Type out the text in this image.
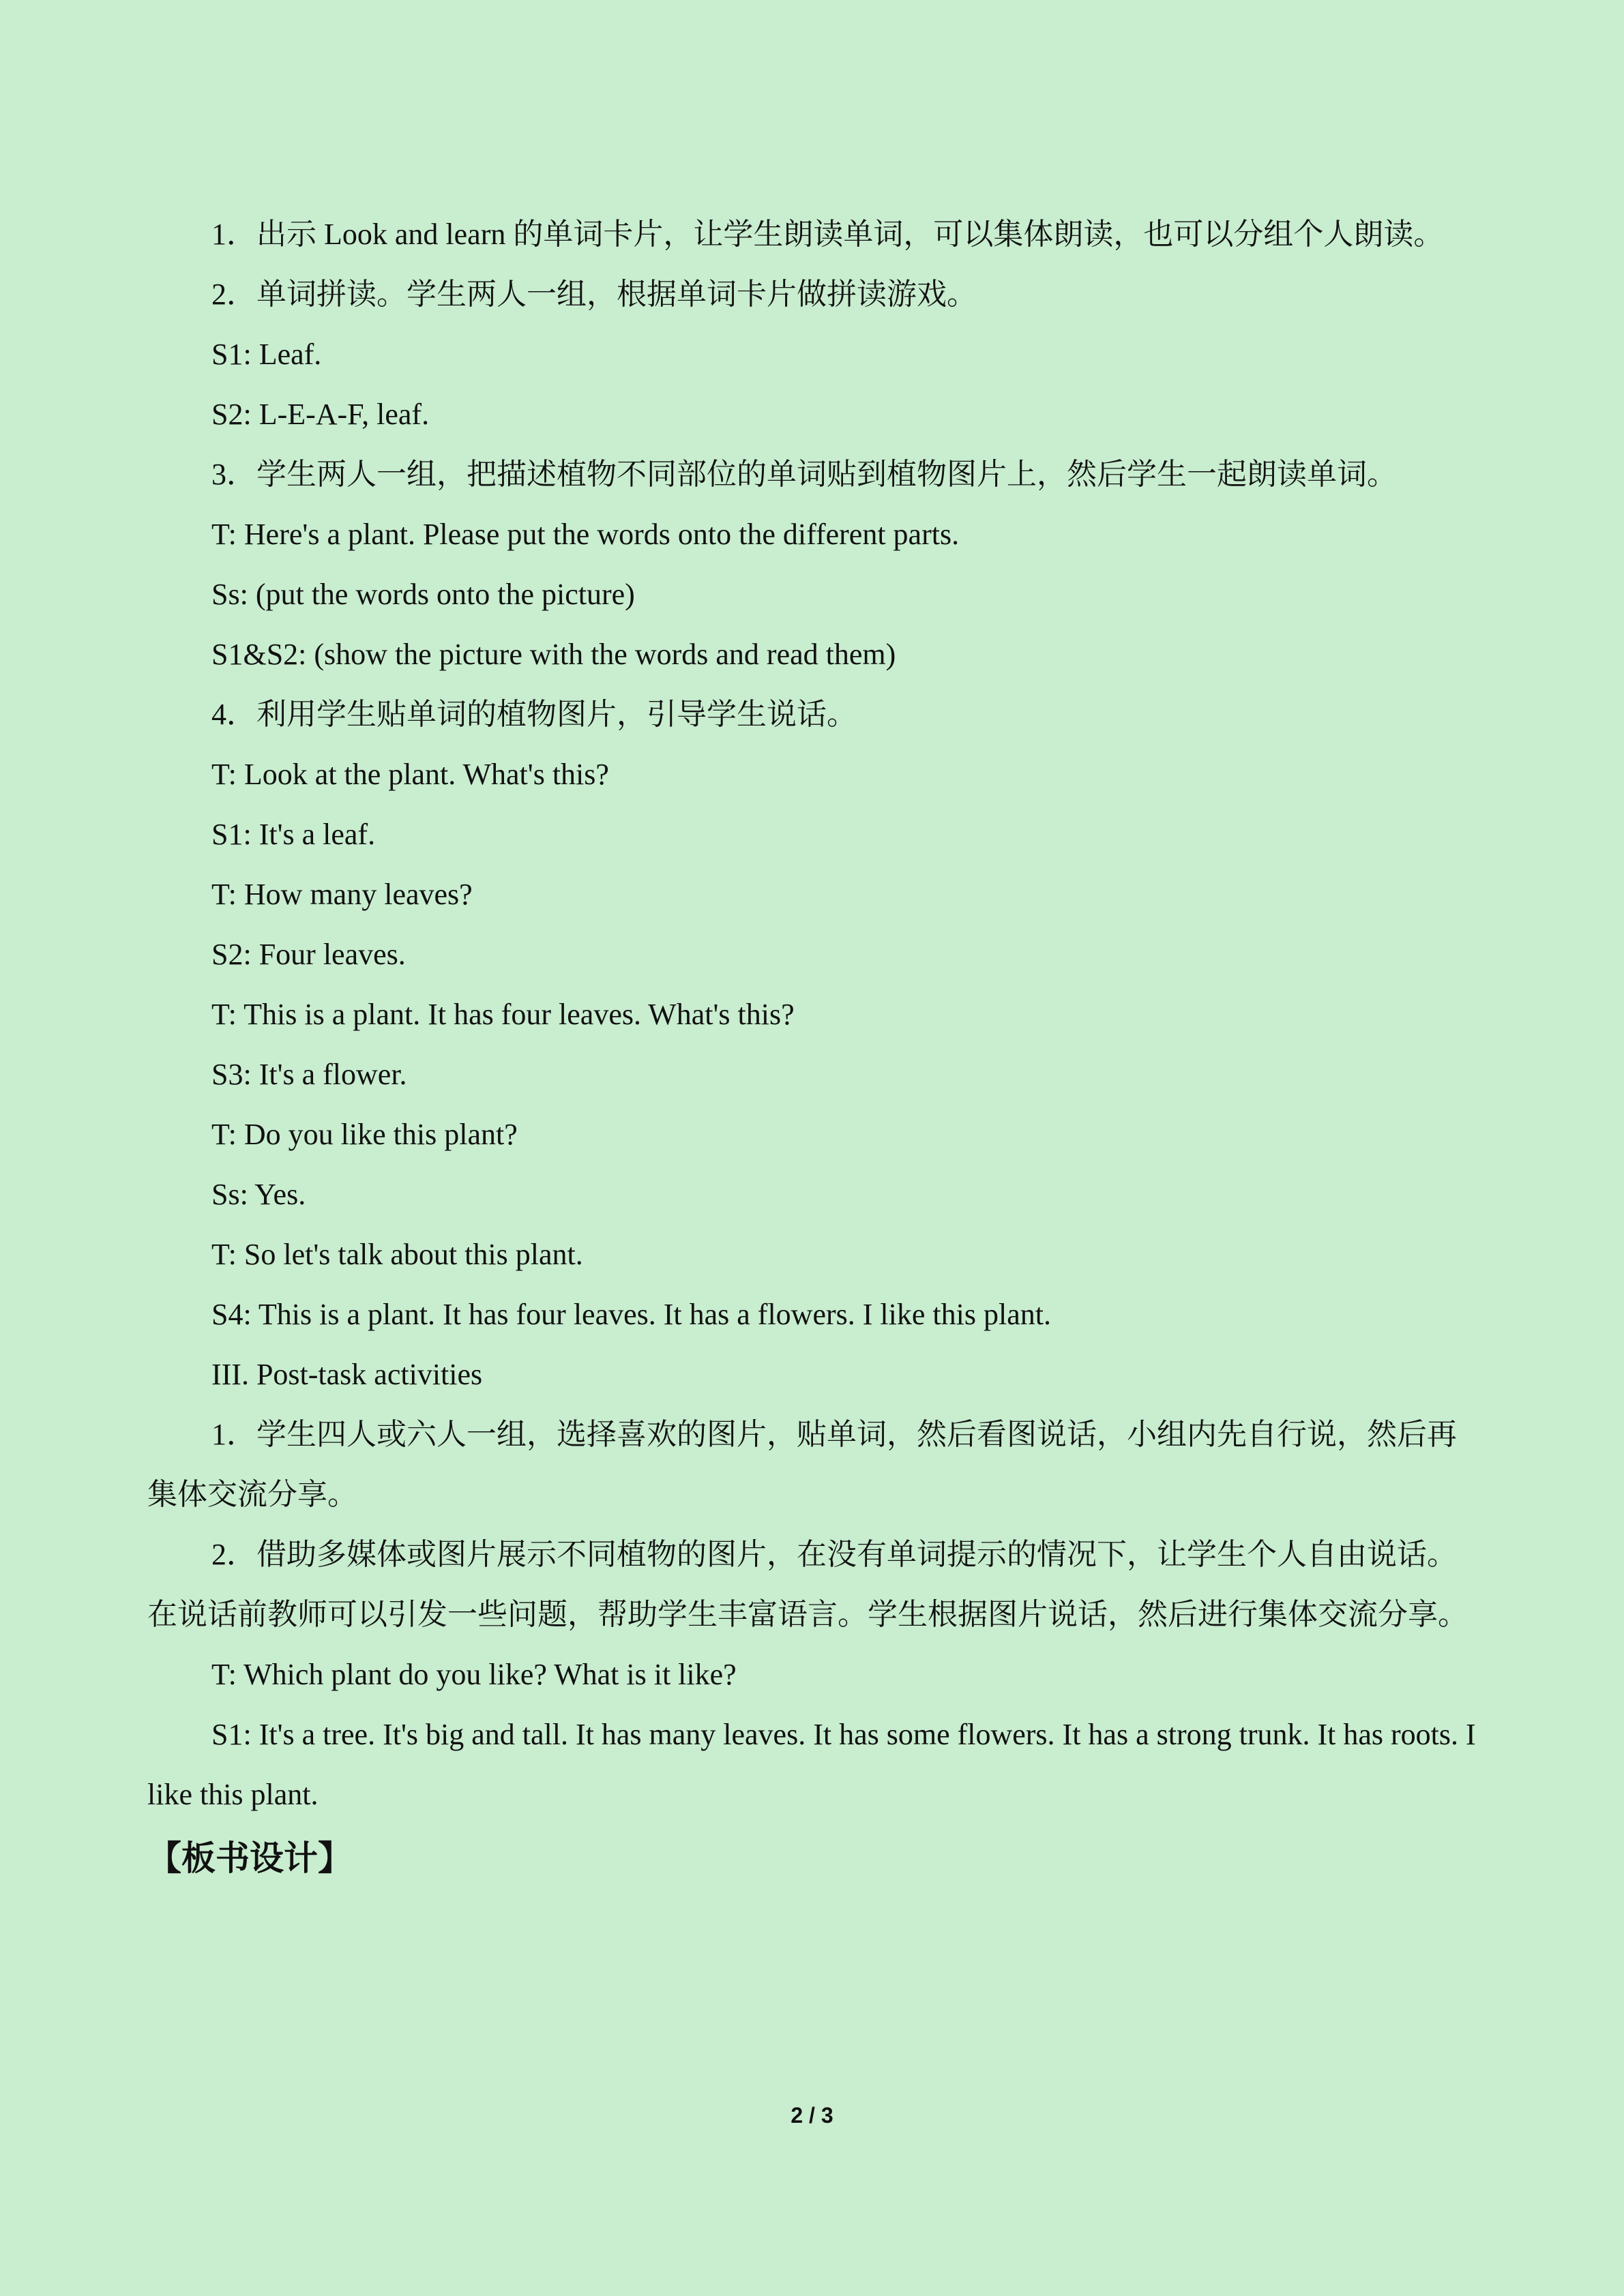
1．出示 Look and learn 的单词卡片，让学生朗读单词，可以集体朗读，也可以分组个人朗读。

2．单词拼读。学生两人一组，根据单词卡片做拼读游戏。

S1: Leaf.

S2: L-E-A-F, leaf.

3．学生两人一组，把描述植物不同部位的单词贴到植物图片上，然后学生一起朗读单词。

T: Here's a plant. Please put the words onto the different parts.

Ss: (put the words onto the picture)

S1&S2: (show the picture with the words and read them)

4．利用学生贴单词的植物图片，引导学生说话。

T: Look at the plant. What's this?

S1: It's a leaf.

T: How many leaves?

S2: Four leaves.

T: This is a plant. It has four leaves. What's this?

S3: It's a flower.

T: Do you like this plant?

Ss: Yes.

T: So let's talk about this plant.

S4: This is a plant. It has four leaves. It has a flowers. I like this plant.

III. Post-task activities

1．学生四人或六人一组，选择喜欢的图片，贴单词，然后看图说话，小组内先自行说，然后再集体交流分享。

2．借助多媒体或图片展示不同植物的图片，在没有单词提示的情况下，让学生个人自由说话。在说话前教师可以引发一些问题，帮助学生丰富语言。学生根据图片说话，然后进行集体交流分享。

T: Which plant do you like? What is it like?

S1: It's a tree. It's big and tall. It has many leaves. It has some flowers. It has a strong trunk. It has roots. I like this plant.

【板书设计】

2 / 3
